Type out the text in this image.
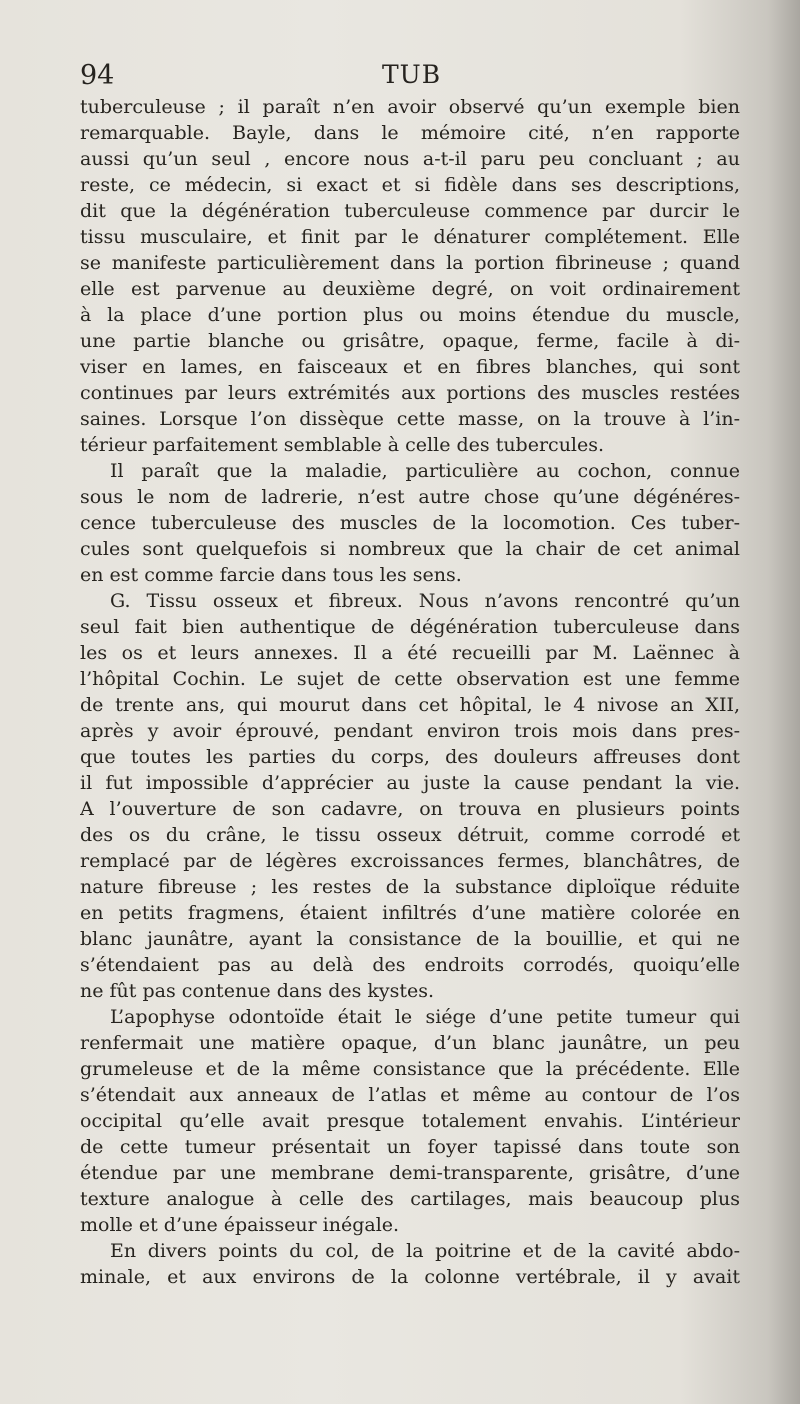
94	TUB
tuberculeuse ; il paraît n’en avoir observé qu’un exemple bien
remarquable. Bayle, dans le mémoire cité, n’en rapporte
aussi qu’un seul , encore nous a-t-il paru peu concluant ; au
reste, ce médecin, si exact et si fidèle dans ses descriptions,
dit que la dégénération tuberculeuse commence par durcir le
tissu musculaire, et finit par le dénaturer complétement. Elle
se manifeste particulièrement dans la portion fibrineuse ; quand
elle est parvenue au deuxième degré, on voit ordinairement
à la place d’une portion plus ou moins étendue du muscle,
une partie blanche ou grisâtre, opaque, ferme, facile à di-
viser en lames, en faisceaux et en fibres blanches, qui sont
continues par leurs extrémités aux portions des muscles restées
saines. Lorsque l’on dissèque cette masse, on la trouve à l’in-
térieur parfaitement semblable à celle des tubercules.
Il paraît que la maladie, particulière au cochon, connue
sous le nom de ladrerie, n’est autre chose qu’une dégénéres-
cence tuberculeuse des muscles de la locomotion. Ces tuber-
cules sont quelquefois si nombreux que la chair de cet animal
en est comme farcie dans tous les sens.
G. Tissu osseux et fibreux. Nous n’avons rencontré qu’un
seul fait bien authentique de dégénération tuberculeuse dans
les os et leurs annexes. Il a été recueilli par M. Laënnec à
l’hôpital Cochin. Le sujet de cette observation est une femme
de trente ans, qui mourut dans cet hôpital, le 4 nivose an XII,
après y avoir éprouvé, pendant environ trois mois dans pres-
que toutes les parties du corps, des douleurs affreuses dont
il fut impossible d’apprécier au juste la cause pendant la vie.
A l’ouverture de son cadavre, on trouva en plusieurs points
des os du crâne, le tissu osseux détruit, comme corrodé et
remplacé par de légères excroissances fermes, blanchâtres, de
nature fibreuse ; les restes de la substance diploïque réduite
en petits fragmens, étaient infiltrés d’une matière colorée en
blanc jaunâtre, ayant la consistance de la bouillie, et qui ne
s’étendaient pas au delà des endroits corrodés, quoiqu’elle
ne fût pas contenue dans des kystes.
L’apophyse odontoïde était le siége d’une petite tumeur qui
renfermait une matière opaque, d’un blanc jaunâtre, un peu
grumeleuse et de la même consistance que la précédente. Elle
s’étendait aux anneaux de l’atlas et même au contour de l’os
occipital qu’elle avait presque totalement envahis. L’intérieur
de cette tumeur présentait un foyer tapissé dans toute son
étendue par une membrane demi-transparente, grisâtre, d’une
texture analogue à celle des cartilages, mais beaucoup plus
molle et d’une épaisseur inégale.
En divers points du col, de la poitrine et de la cavité abdo-
minale, et aux environs de la colonne vertébrale, il y avait
